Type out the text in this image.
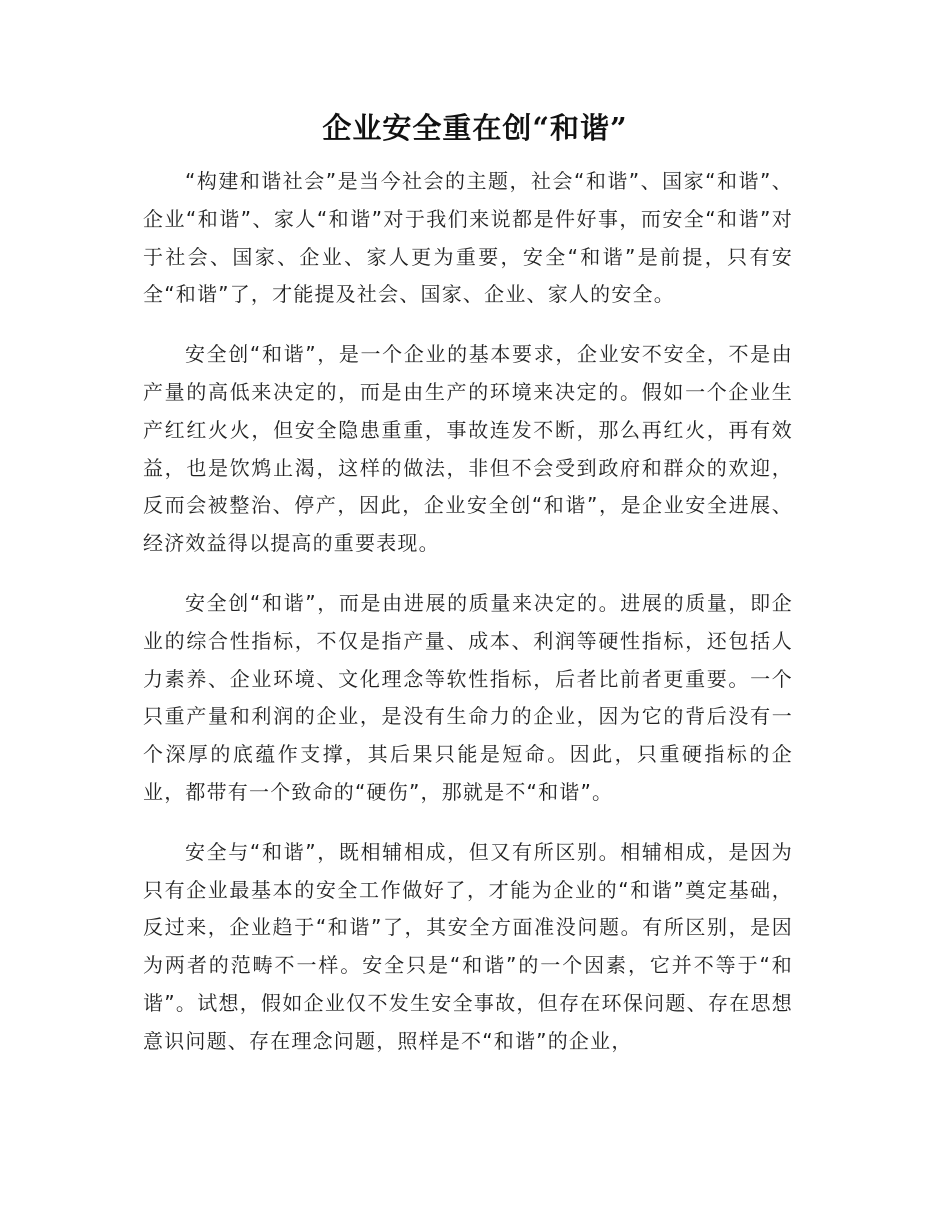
企业安全重在创“和谐”

“构建和谐社会”是当今社会的主题，社会“和谐”、国家“和谐”、企业“和谐”、家人“和谐”对于我们来说都是件好事，而安全“和谐”对于社会、国家、企业、家人更为重要，安全“和谐”是前提，只有安全“和谐”了，才能提及社会、国家、企业、家人的安全。

安全创“和谐”，是一个企业的基本要求，企业安不安全，不是由产量的高低来决定的，而是由生产的环境来决定的。假如一个企业生产红红火火，但安全隐患重重，事故连发不断，那么再红火，再有效益，也是饮鸩止渴，这样的做法，非但不会受到政府和群众的欢迎，反而会被整治、停产，因此，企业安全创“和谐”，是企业安全进展、经济效益得以提高的重要表现。

安全创“和谐”，而是由进展的质量来决定的。进展的质量，即企业的综合性指标，不仅是指产量、成本、利润等硬性指标，还包括人力素养、企业环境、文化理念等软性指标，后者比前者更重要。一个只重产量和利润的企业，是没有生命力的企业，因为它的背后没有一个深厚的底蕴作支撑，其后果只能是短命。因此，只重硬指标的企业，都带有一个致命的“硬伤”，那就是不“和谐”。

安全与“和谐”，既相辅相成，但又有所区别。相辅相成，是因为只有企业最基本的安全工作做好了，才能为企业的“和谐”奠定基础，反过来，企业趋于“和谐”了，其安全方面准没问题。有所区别，是因为两者的范畴不一样。安全只是“和谐”的一个因素，它并不等于“和谐”。试想，假如企业仅不发生安全事故，但存在环保问题、存在思想意识问题、存在理念问题，照样是不“和谐”的企业，
